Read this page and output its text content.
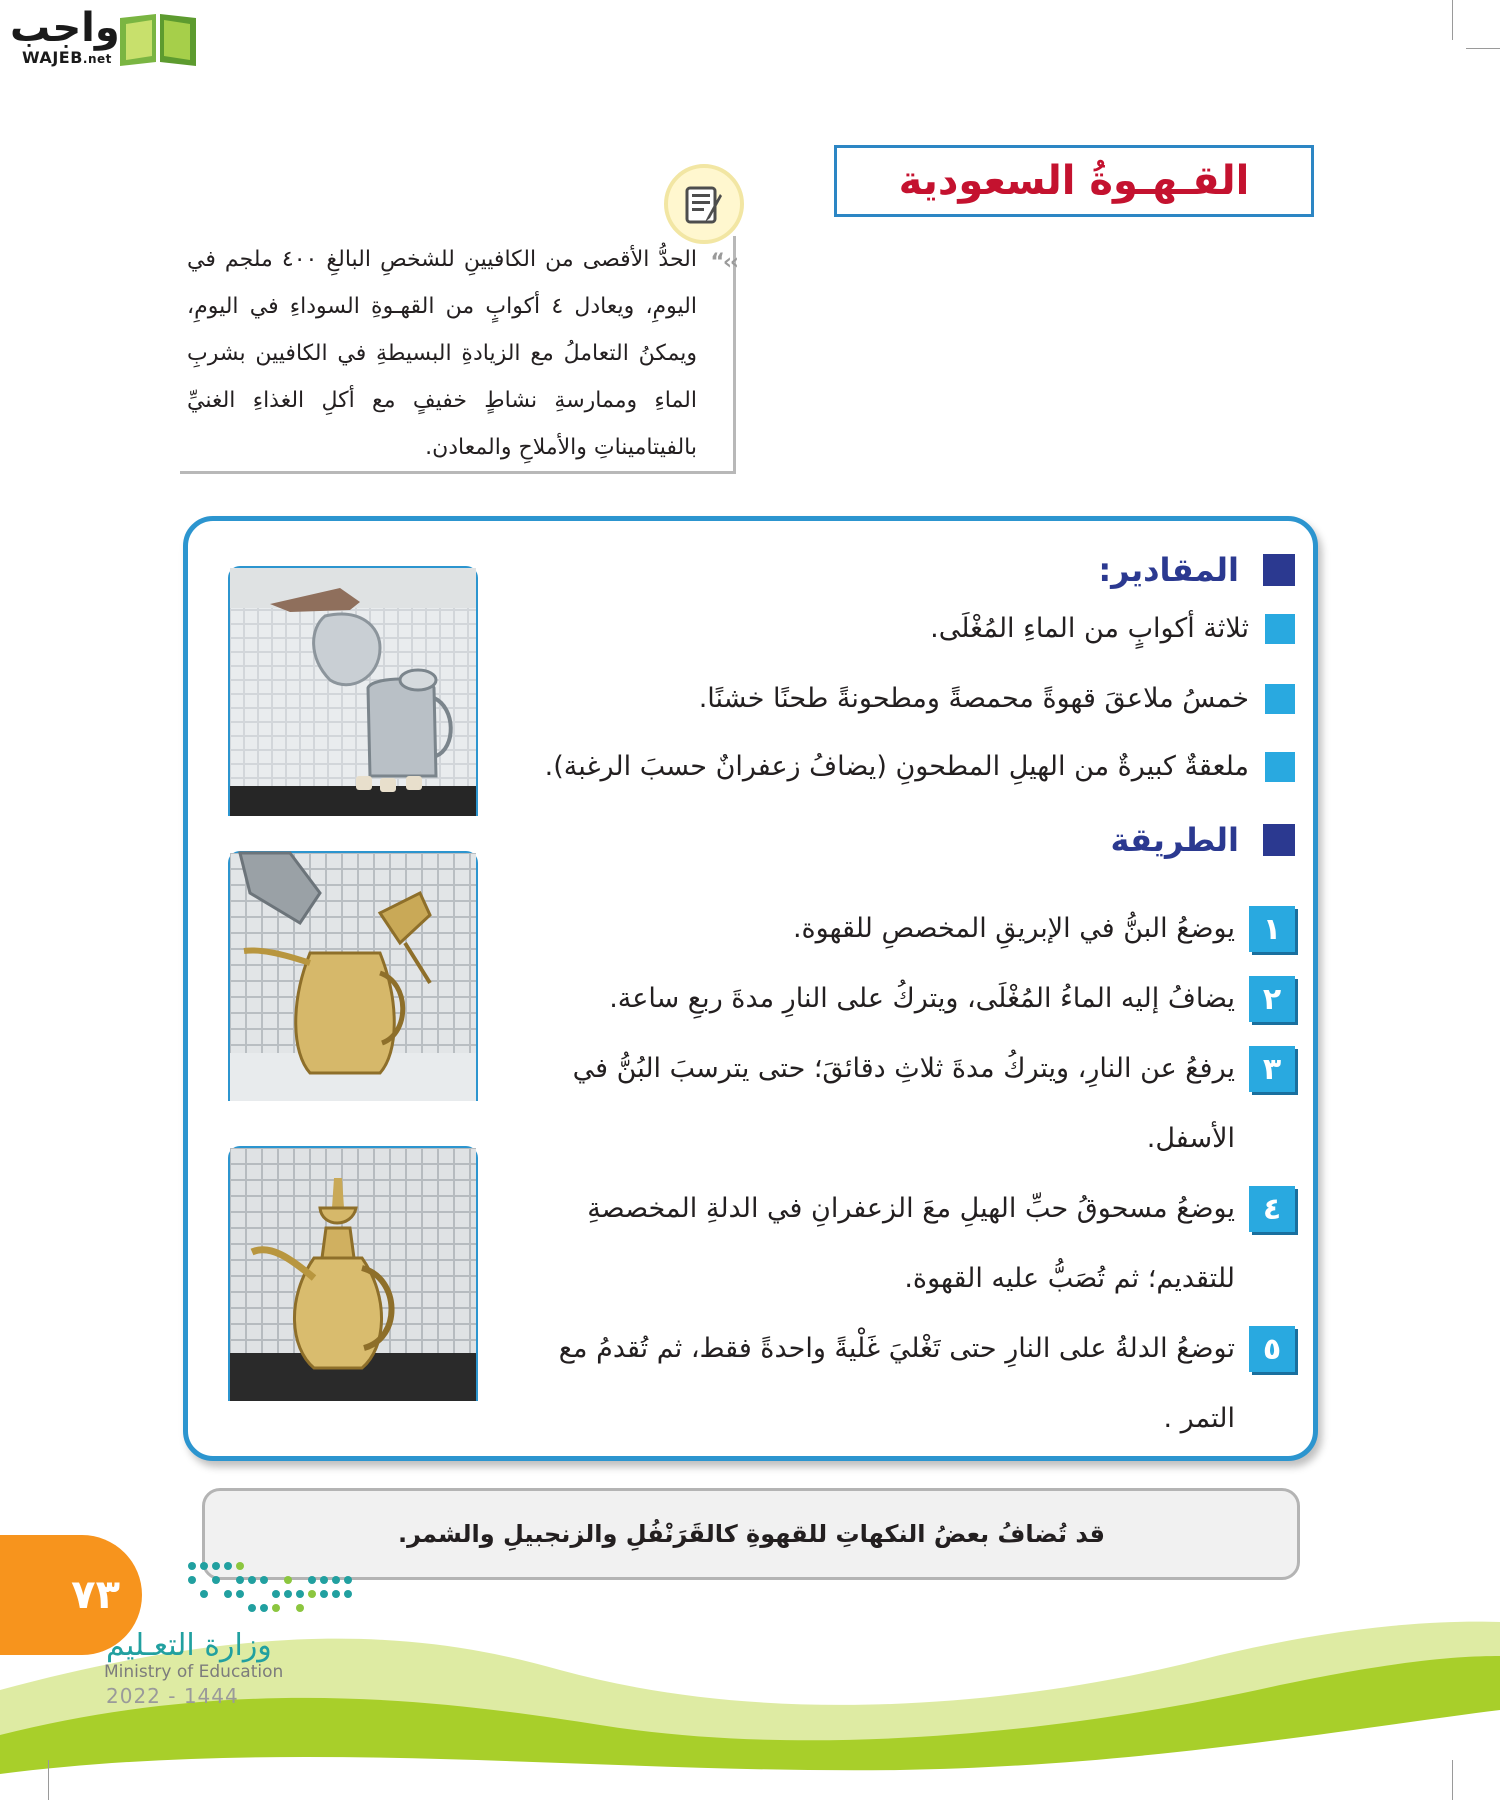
واجب
WAJEB.net
القـهـوةُ السعودية
“‹‹
الحدُّ الأقصى من الكافيينِ للشخصِ البالغِ ٤٠٠ ملجم في اليومِ، ويعادل ٤ أكوابٍ من القهـوةِ السوداءِ في اليومِ، ويمكنُ التعاملُ مع الزيادةِ البسيطةِ في الكافيين بشربِ الماءِ وممارسةِ نشاطٍ خفيفٍ مع أكلِ الغذاءِ الغنيِّ بالفيتاميناتِ والأملاحِ والمعادن.
المقادير:
ثلاثة أكوابٍ من الماءِ المُغْلَى.
خمسُ ملاعقَ قهوةً محمصةً ومطحونةً طحنًا خشنًا.
ملعقةٌ كبيرةٌ من الهيلِ المطحونِ (يضافُ زعفرانٌ حسبَ الرغبة).
الطريقة
١
يوضعُ البنُّ في الإبريقِ المخصصِ للقهوة.
٢
يضافُ إليه الماءُ المُغْلَى، ويتركُ على النارِ مدةَ ربعِ ساعة.
٣
يرفعُ عن النارِ، ويتركُ مدةَ ثلاثِ دقائقَ؛ حتى يترسبَ البُنُّ في الأسفل.
٤
يوضعُ مسحوقُ حبِّ الهيلِ معَ الزعفرانِ في الدلةِ المخصصةِ للتقديم؛ ثم تُصَبُّ عليه القهوة.
٥
توضعُ الدلةُ على النارِ حتى تَغْليَ غَلْيةً واحدةً فقط، ثم تُقدمُ مع التمر .
قد تُضافُ بعضُ النكهاتِ للقهوةِ كالقَرَنْفُلِ والزنجبيلِ والشمر.
٧٣
وزارة التعـليم
Ministry of Education
2022 - 1444
